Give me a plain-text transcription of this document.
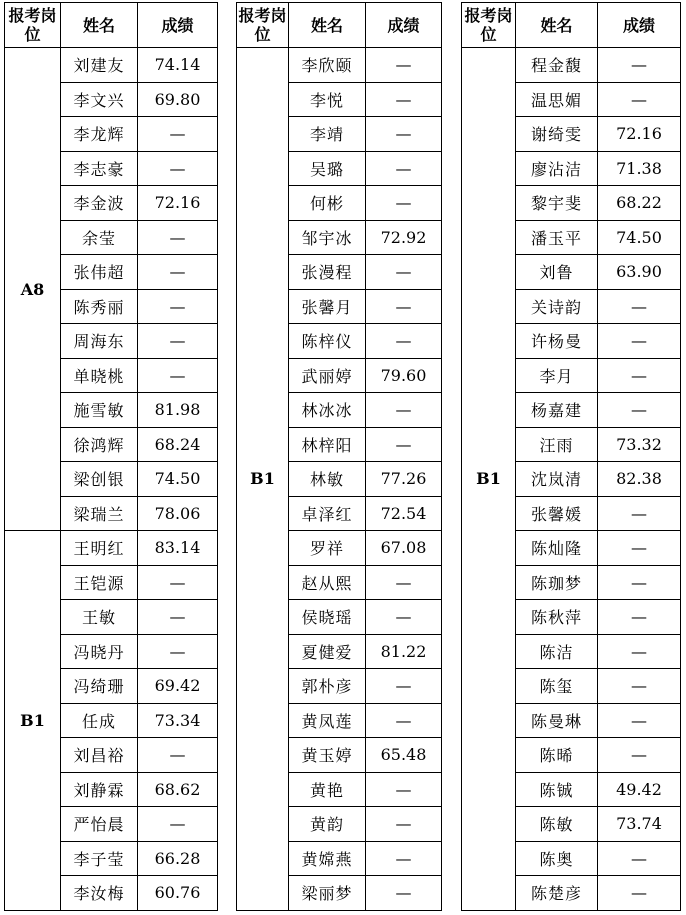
报考岗位	姓名	成绩
A8	刘建友	74.14
	李文兴	69.80
	李龙辉	—
	李志豪	—
	李金波	72.16
	余莹	—
	张伟超	—
	陈秀丽	—
	周海东	—
	单晓桃	—
	施雪敏	81.98
	徐鸿辉	68.24
	梁创银	74.50
	梁瑞兰	78.06
B1	王明红	83.14
	王铠源	—
	王敏	—
	冯晓丹	—
	冯绮珊	69.42
	任成	73.34
	刘昌裕	—
	刘静霖	68.62
	严怡晨	—
	李子莹	66.28
	李汝梅	60.76
报考岗位	姓名	成绩
B1	李欣颐	—
	李悦	—
	李靖	—
	吴璐	—
	何彬	—
	邹宇冰	72.92
	张漫程	—
	张馨月	—
	陈梓仪	—
	武丽婷	79.60
	林冰冰	—
	林梓阳	—
	林敏	77.26
	卓泽红	72.54
	罗祥	67.08
	赵从熙	—
	侯晓瑶	—
	夏健爱	81.22
	郭朴彦	—
	黄凤莲	—
	黄玉婷	65.48
	黄艳	—
	黄韵	—
	黄嫦燕	—
	梁丽梦	—
报考岗位	姓名	成绩
B1	程金馥	—
	温思媚	—
	谢绮雯	72.16
	廖沾洁	71.38
	黎宇斐	68.22
	潘玉平	74.50
	刘鲁	63.90
	关诗韵	—
	许杨曼	—
	李月	—
	杨嘉建	—
	汪雨	73.32
	沈岚清	82.38
	张馨媛	—
	陈灿隆	—
	陈珈梦	—
	陈秋萍	—
	陈洁	—
	陈玺	—
	陈曼琳	—
	陈晞	—
	陈铖	49.42
	陈敏	73.74
	陈奥	—
	陈楚彦	—
